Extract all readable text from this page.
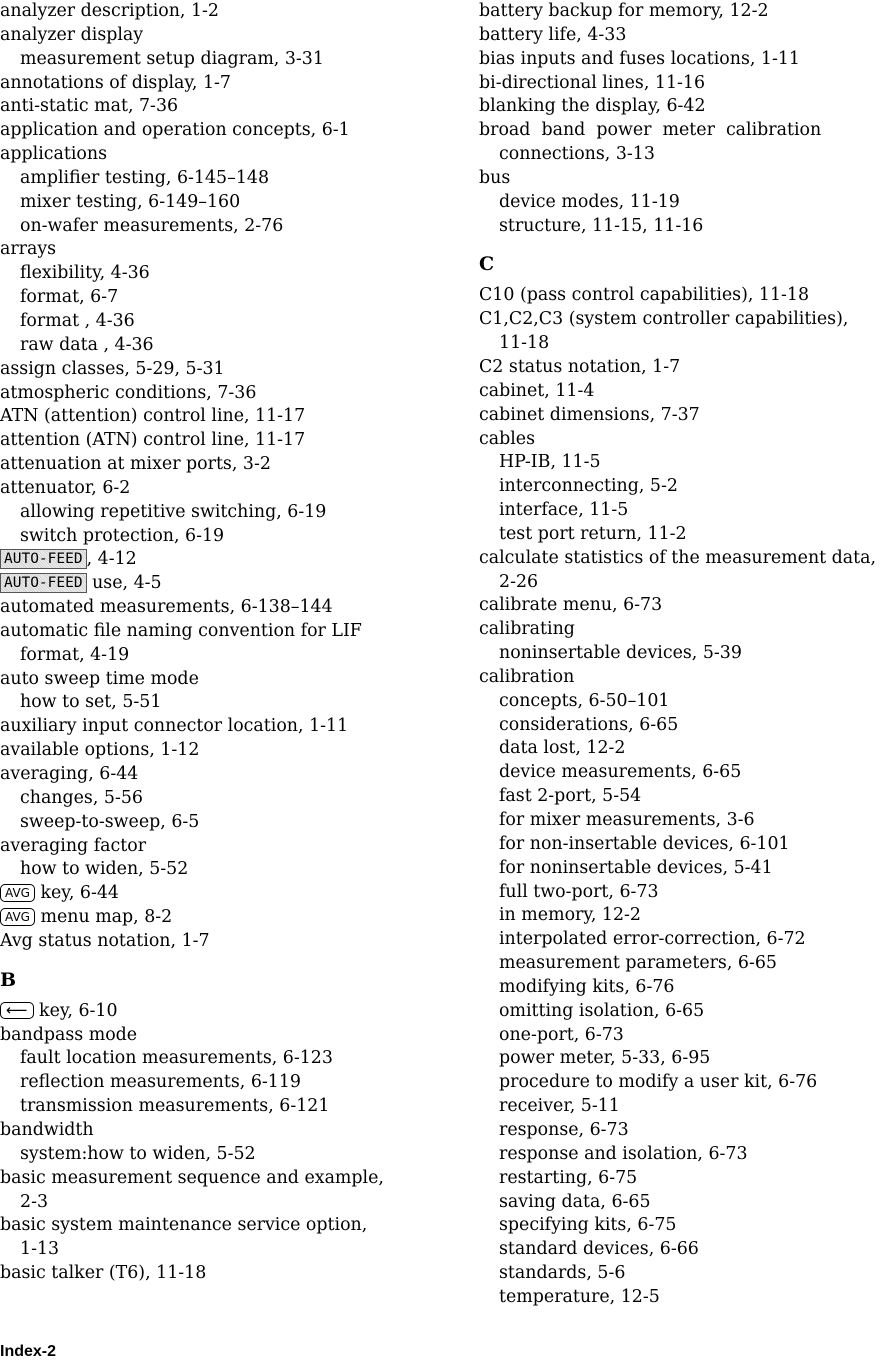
analyzer description, 1-2
analyzer display
measurement setup diagram, 3-31
annotations of display, 1-7
anti-static mat, 7-36
application and operation concepts, 6-1
applications
amplifier testing, 6-145–148
mixer testing, 6-149–160
on-wafer measurements, 2-76
arrays
flexibility, 4-36
format, 6-7
format , 4-36
raw data , 4-36
assign classes, 5-29, 5-31
atmospheric conditions, 7-36
ATN (attention) control line, 11-17
attention (ATN) control line, 11-17
attenuation at mixer ports, 3-2
attenuator, 6-2
allowing repetitive switching, 6-19
switch protection, 6-19
AUTO-FEED , 4-12
AUTO-FEED use, 4-5
automated measurements, 6-138–144
automatic file naming convention for LIF
format, 4-19
auto sweep time mode
how to set, 5-51
auxiliary input connector location, 1-11
available options, 1-12
averaging, 6-44
changes, 5-56
sweep-to-sweep, 6-5
averaging factor
how to widen, 5-52
AVG key, 6-44
AVG menu map, 8-2
Avg status notation, 1-7
B
⟵ key, 6-10
bandpass mode
fault location measurements, 6-123
reflection measurements, 6-119
transmission measurements, 6-121
bandwidth
system:how to widen, 5-52
basic measurement sequence and example,
2-3
basic system maintenance service option,
1-13
basic talker (T6), 11-18
battery backup for memory, 12-2
battery life, 4-33
bias inputs and fuses locations, 1-11
bi-directional lines, 11-16
blanking the display, 6-42
broad  band  power  meter  calibration
connections, 3-13
bus
device modes, 11-19
structure, 11-15, 11-16
C
C10 (pass control capabilities), 11-18
C1,C2,C3 (system controller capabilities),
11-18
C2 status notation, 1-7
cabinet, 11-4
cabinet dimensions, 7-37
cables
HP-IB, 11-5
interconnecting, 5-2
interface, 11-5
test port return, 11-2
calculate statistics of the measurement data,
2-26
calibrate menu, 6-73
calibrating
noninsertable devices, 5-39
calibration
concepts, 6-50–101
considerations, 6-65
data lost, 12-2
device measurements, 6-65
fast 2-port, 5-54
for mixer measurements, 3-6
for non-insertable devices, 6-101
for noninsertable devices, 5-41
full two-port, 6-73
in memory, 12-2
interpolated error-correction, 6-72
measurement parameters, 6-65
modifying kits, 6-76
omitting isolation, 6-65
one-port, 6-73
power meter, 5-33, 6-95
procedure to modify a user kit, 6-76
receiver, 5-11
response, 6-73
response and isolation, 6-73
restarting, 6-75
saving data, 6-65
specifying kits, 6-75
standard devices, 6-66
standards, 5-6
temperature, 12-5
Index-2
